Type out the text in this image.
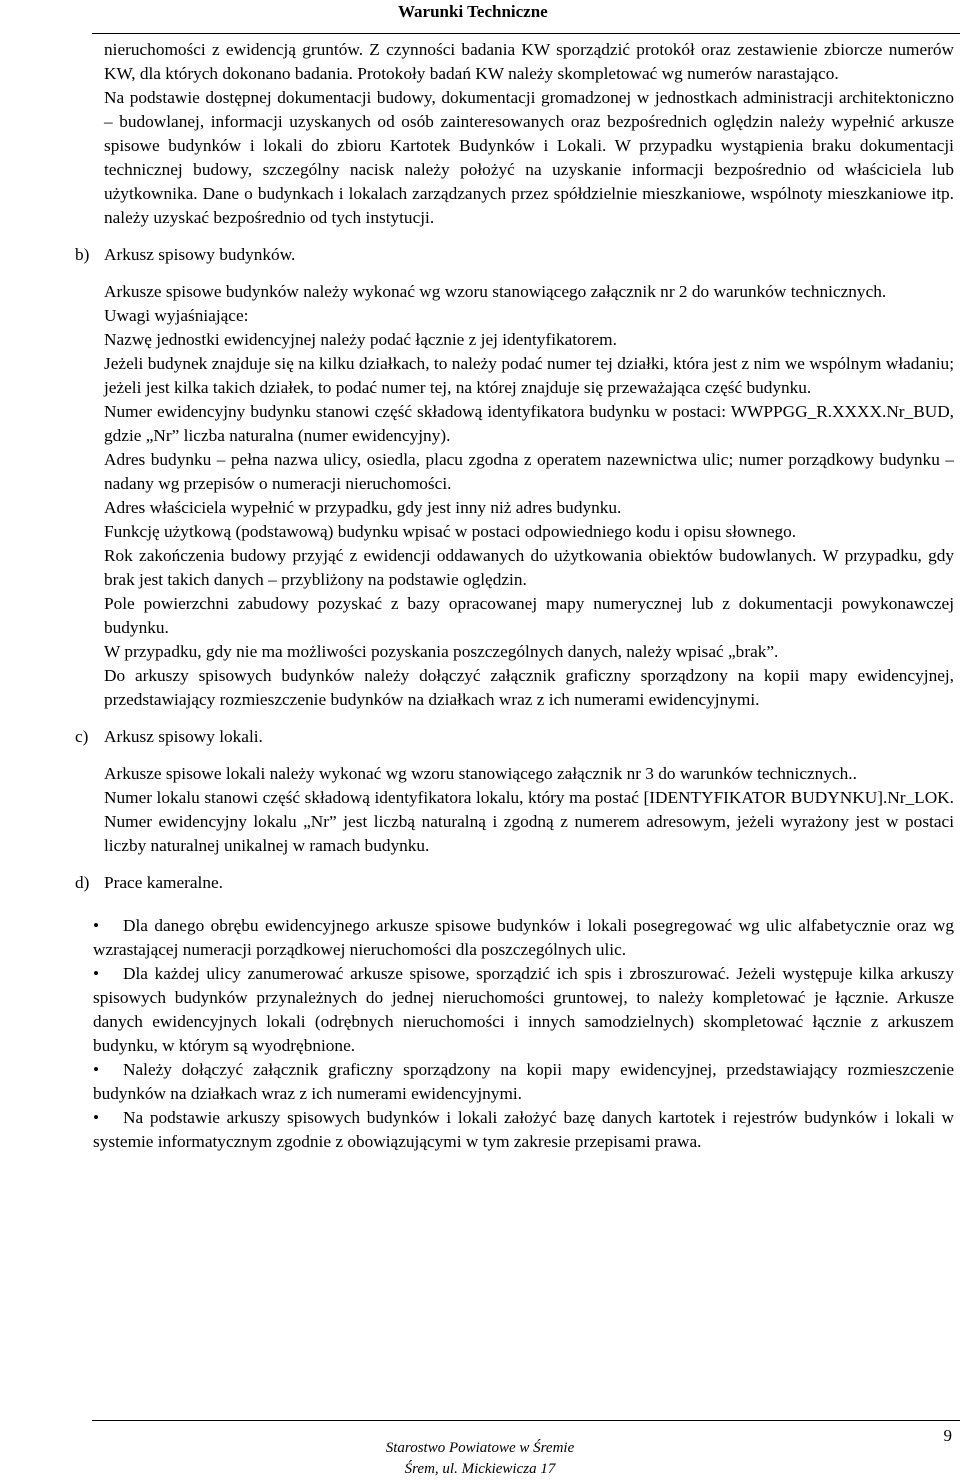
Warunki Techniczne

nieruchomości z ewidencją gruntów. Z czynności badania KW sporządzić protokół oraz zestawienie zbiorcze numerów KW, dla których dokonano badania. Protokoły badań KW należy skompletować wg numerów narastająco.

Na podstawie dostępnej dokumentacji budowy, dokumentacji gromadzonej w jednostkach administracji architektoniczno – budowlanej, informacji uzyskanych od osób zainteresowanych oraz bezpośrednich oględzin należy wypełnić arkusze spisowe budynków i lokali do zbioru Kartotek Budynków i Lokali. W przypadku wystąpienia braku dokumentacji technicznej budowy, szczególny nacisk należy położyć na uzyskanie informacji bezpośrednio od właściciela lub użytkownika. Dane o budynkach i lokalach zarządzanych przez spółdzielnie mieszkaniowe, wspólnoty mieszkaniowe itp. należy uzyskać bezpośrednio od tych instytucji.

b) Arkusz spisowy budynków.

Arkusze spisowe budynków należy wykonać wg wzoru stanowiącego załącznik nr 2 do warunków technicznych.

Uwagi wyjaśniające:

Nazwę jednostki ewidencyjnej należy podać łącznie z jej identyfikatorem.

Jeżeli budynek znajduje się na kilku działkach, to należy podać numer tej działki, która jest z nim we wspólnym władaniu; jeżeli jest kilka takich działek, to podać numer tej, na której znajduje się przeważająca część budynku.

Numer ewidencyjny budynku stanowi część składową identyfikatora budynku w postaci: WWPPGG_R.XXXX.Nr_BUD, gdzie „Nr” liczba naturalna (numer ewidencyjny).

Adres budynku – pełna nazwa ulicy, osiedla, placu zgodna z operatem nazewnictwa ulic; numer porządkowy budynku – nadany wg przepisów o numeracji nieruchomości.

Adres właściciela wypełnić w przypadku, gdy jest inny niż adres budynku.

Funkcję użytkową (podstawową) budynku wpisać w postaci odpowiedniego kodu i opisu słownego.

Rok zakończenia budowy przyjąć z ewidencji oddawanych do użytkowania obiektów budowlanych. W przypadku, gdy brak jest takich danych – przybliżony na podstawie oględzin.

Pole powierzchni zabudowy pozyskać z bazy opracowanej mapy numerycznej lub z dokumentacji powykonawczej budynku.

W przypadku, gdy nie ma możliwości pozyskania poszczególnych danych, należy wpisać „brak”.

Do arkuszy spisowych budynków należy dołączyć załącznik graficzny sporządzony na kopii mapy ewidencyjnej, przedstawiający rozmieszczenie budynków na działkach wraz z ich numerami ewidencyjnymi.

c) Arkusz spisowy lokali.

Arkusze spisowe lokali należy wykonać wg wzoru stanowiącego załącznik nr 3 do warunków technicznych..

Numer lokalu stanowi część składową identyfikatora lokalu, który ma postać [IDENTYFIKATOR BUDYNKU].Nr_LOK. Numer ewidencyjny lokalu „Nr” jest liczbą naturalną i zgodną z numerem adresowym, jeżeli wyrażony jest w postaci liczby naturalnej unikalnej w ramach budynku.

d) Prace kameralne.

• Dla danego obrębu ewidencyjnego arkusze spisowe budynków i lokali posegregować wg ulic alfabetycznie oraz wg wzrastającej numeracji porządkowej nieruchomości dla poszczególnych ulic.

• Dla każdej ulicy zanumerować arkusze spisowe, sporządzić ich spis i zbroszurować. Jeżeli występuje kilka arkuszy spisowych budynków przynależnych do jednej nieruchomości gruntowej, to należy kompletować je łącznie. Arkusze danych ewidencyjnych lokali (odrębnych nieruchomości i innych samodzielnych) skompletować łącznie z arkuszem budynku, w którym są wyodrębnione.

• Należy dołączyć załącznik graficzny sporządzony na kopii mapy ewidencyjnej, przedstawiający rozmieszczenie budynków na działkach wraz z ich numerami ewidencyjnymi.

• Na podstawie arkuszy spisowych budynków i lokali założyć bazę danych kartotek i rejestrów budynków i lokali w systemie informatycznym zgodnie z obowiązującymi w tym zakresie przepisami prawa.

9
Starostwo Powiatowe w Śremie
Śrem, ul. Mickiewicza 17
